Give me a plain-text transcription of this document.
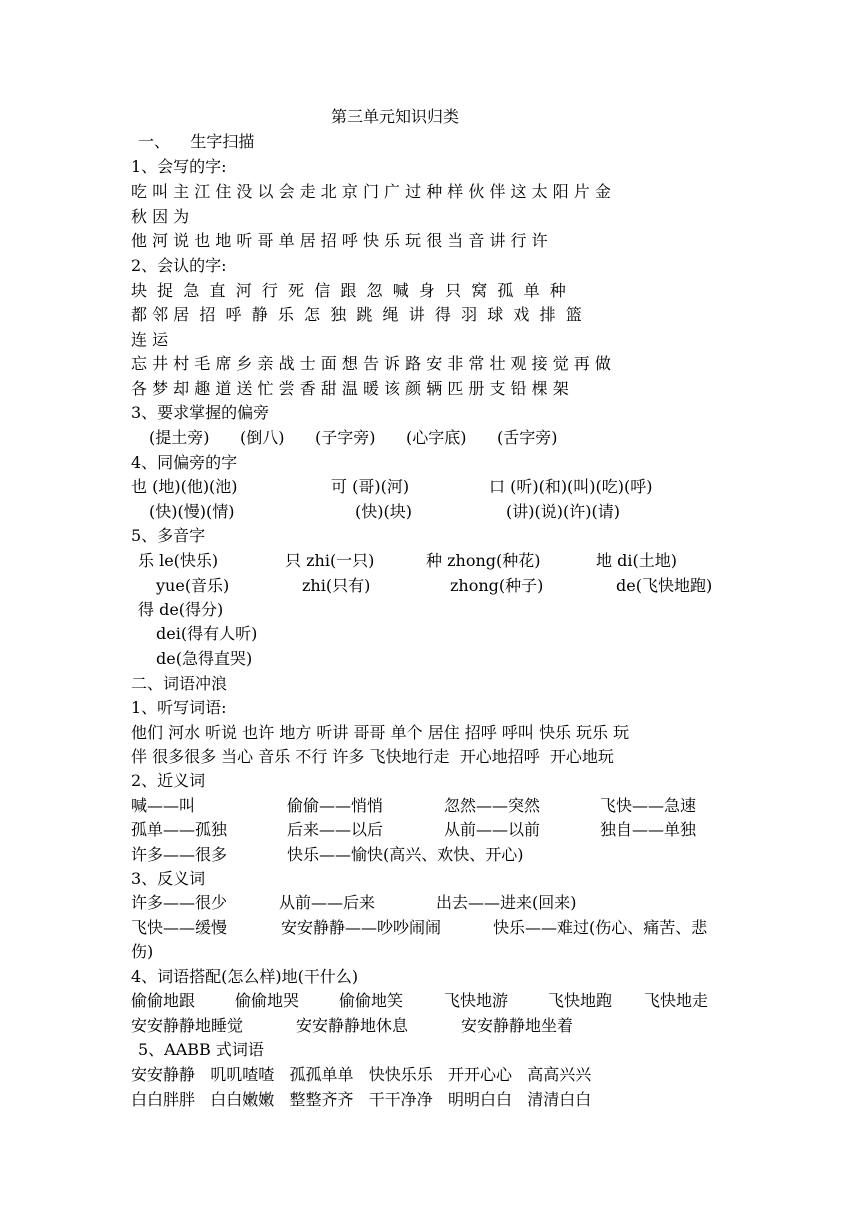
第三单元知识归类
一、    生字扫描
1、会写的字:
吃 叫 主 江 住 没 以 会 走 北 京 门 广 过 种 样 伙 伴 这 太 阳 片 金
秋 因 为
他 河 说 也 地 听 哥 单 居 招 呼 快 乐 玩 很 当 音 讲 行 许
2、会认的字:
块  捉  急  直  河  行  死  信  跟  忽  喊  身  只  窝  孤  单  种
都 邻 居  招  呼  静  乐  怎  独  跳  绳  讲  得  羽  球  戏  排  篮
连 运
忘 井 村 毛 席 乡 亲 战 士 面 想 告 诉 路 安 非 常 壮 观 接 觉 再 做
各 梦 却 趣 道 送 忙 尝 香 甜 温 暖 该 颜 辆 匹 册 支 铅 棵 架
3、要求掌握的偏旁
(提土旁)      (倒八)      (子字旁)      (心字底)      (舌字旁)
4、同偏旁的字
也 (地)(他)(池)	可 (哥)(河)	口 (听)(和)(叫)(吃)(呼)
(快)(慢)(情)	(快)(块)	(讲)(说)(许)(请)
5、多音字
乐 le(快乐)	只 zhi(一只)	种 zhong(种花)	地 di(土地)
yue(音乐)	zhi(只有)	zhong(种子)	de(飞快地跑)
得 de(得分)
dei(得有人听)
de(急得直哭)
二、词语冲浪
1、听写词语:
他们 河水 听说 也许 地方 听讲 哥哥 单个 居住 招呼 呼叫 快乐 玩乐 玩
伴 很多很多 当心 音乐 不行 许多 飞快地行走  开心地招呼  开心地玩
2、近义词
喊——叫	偷偷——悄悄	忽然——突然	飞快——急速
孤单——孤独	后来——以后	从前——以前	独自——单独
许多——很多	快乐——愉快(高兴、欢快、开心)
3、反义词
许多——很少	从前——后来	出去——进来(回来)
飞快——缓慢	安安静静——吵吵闹闹	快乐——难过(伤心、痛苦、悲
伤)
4、词语搭配(怎么样)地(干什么)
偷偷地跟 偷偷地哭 偷偷地笑	飞快地游 飞快地跑 飞快地走
安安静静地睡觉	安安静静地休息	安安静静地坐着
5、AABB 式词语
安安静静   叽叽喳喳   孤孤单单   快快乐乐   开开心心   高高兴兴
白白胖胖   白白嫩嫩   整整齐齐   干干净净   明明白白   清清白白
